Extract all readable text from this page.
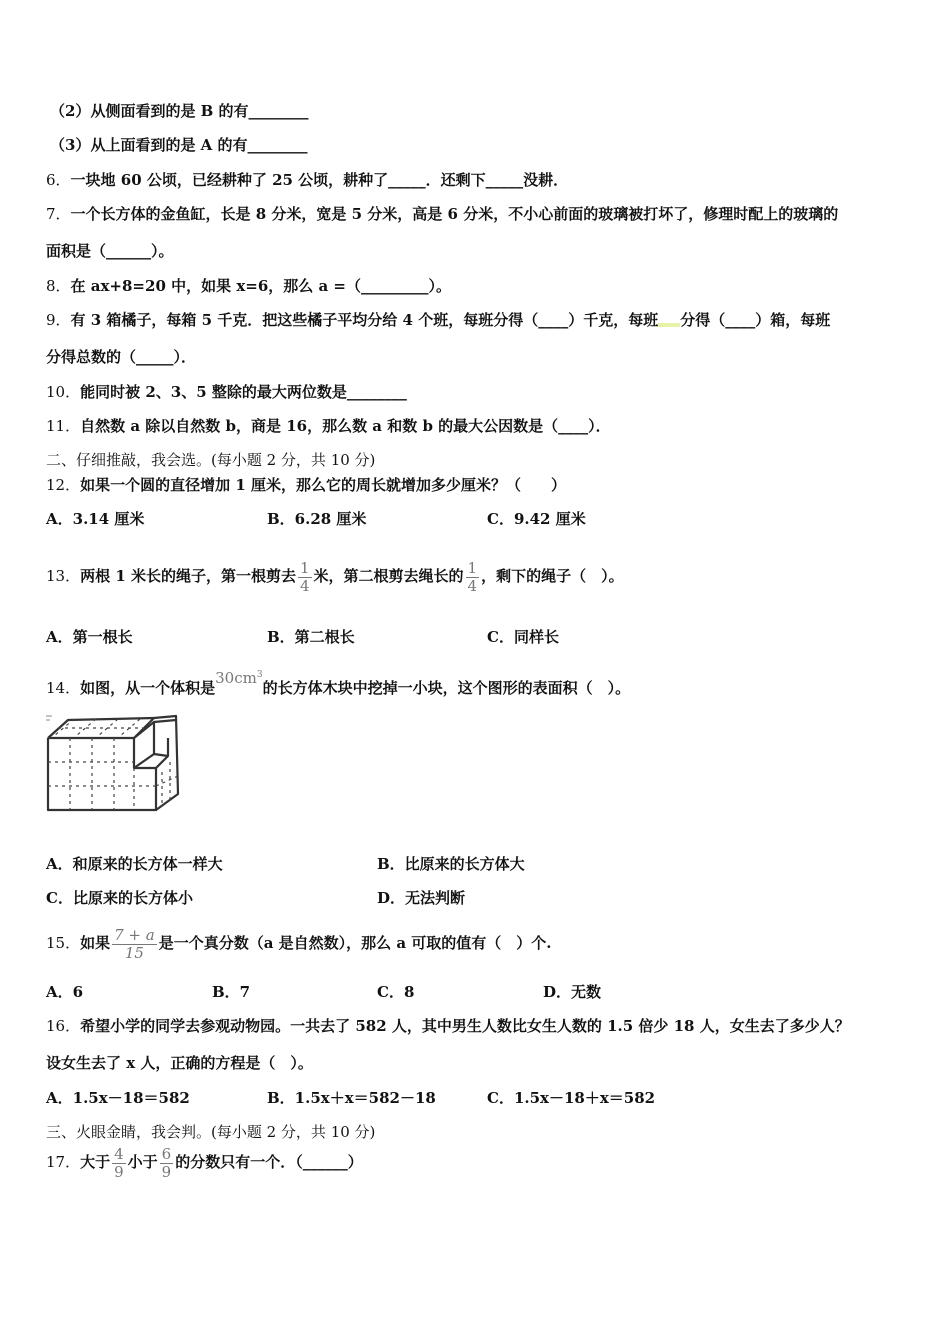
（2）从侧面看到的是 B 的有________
（3）从上面看到的是 A 的有________
6．一块地 60 公顷，已经耕种了 25 公顷，耕种了_____．还剩下_____没耕．
7．一个长方体的金鱼缸，长是 8 分米，宽是 5 分米，高是 6 分米，不小心前面的玻璃被打坏了，修理时配上的玻璃的
面积是（______）。
8．在 ax+8=20 中，如果 x=6，那么 a =（_________）。
9．有 3 箱橘子，每箱 5 千克．把这些橘子平均分给 4 个班，每班分得（____）千克，每班 分得（____）箱，每班
分得总数的（_____）．
10．能同时被 2、3、5 整除的最大两位数是________
11．自然数 a 除以自然数 b，商是 16，那么数 a 和数 b 的最大公因数是（____）．
二、仔细推敲，我会选。(每小题 2 分，共 10 分)
12．如果一个圆的直径增加 1 厘米，那么它的周长就增加多少厘米？（　　）
A．3.14 厘米	B．6.28 厘米	C．9.42 厘米
13．两根 1 米长的绳子，第一根剪去 $\frac{1}{4}$ 米，第二根剪去绳长的 $\frac{1}{4}$ ，剩下的绳子（　）。
A．第一根长	B．第二根长	C．同样长
14．如图，从一个体积是$30cm^3$的长方体木块中挖掉一小块，这个图形的表面积（　）。
A．和原来的长方体一样大	B．比原来的长方体大
C．比原来的长方体小	D．无法判断
15．如果 $\frac{7 + a}{15}$ 是一个真分数（a 是自然数），那么 a 可取的值有（　）个.
A．6	B．7	C．8	D．无数
16．希望小学的同学去参观动物园。一共去了 582 人，其中男生人数比女生人数的 1.5 倍少 18 人，女生去了多少人？
设女生去了 x 人，正确的方程是（　）。
A．1.5x－18＝582	B．1.5x＋x＝582－18	C．1.5x－18＋x＝582
三、火眼金睛，我会判。(每小题 2 分，共 10 分)
17．大于 $\frac{4}{9}$ 小于 $\frac{6}{9}$ 的分数只有一个．（______）
